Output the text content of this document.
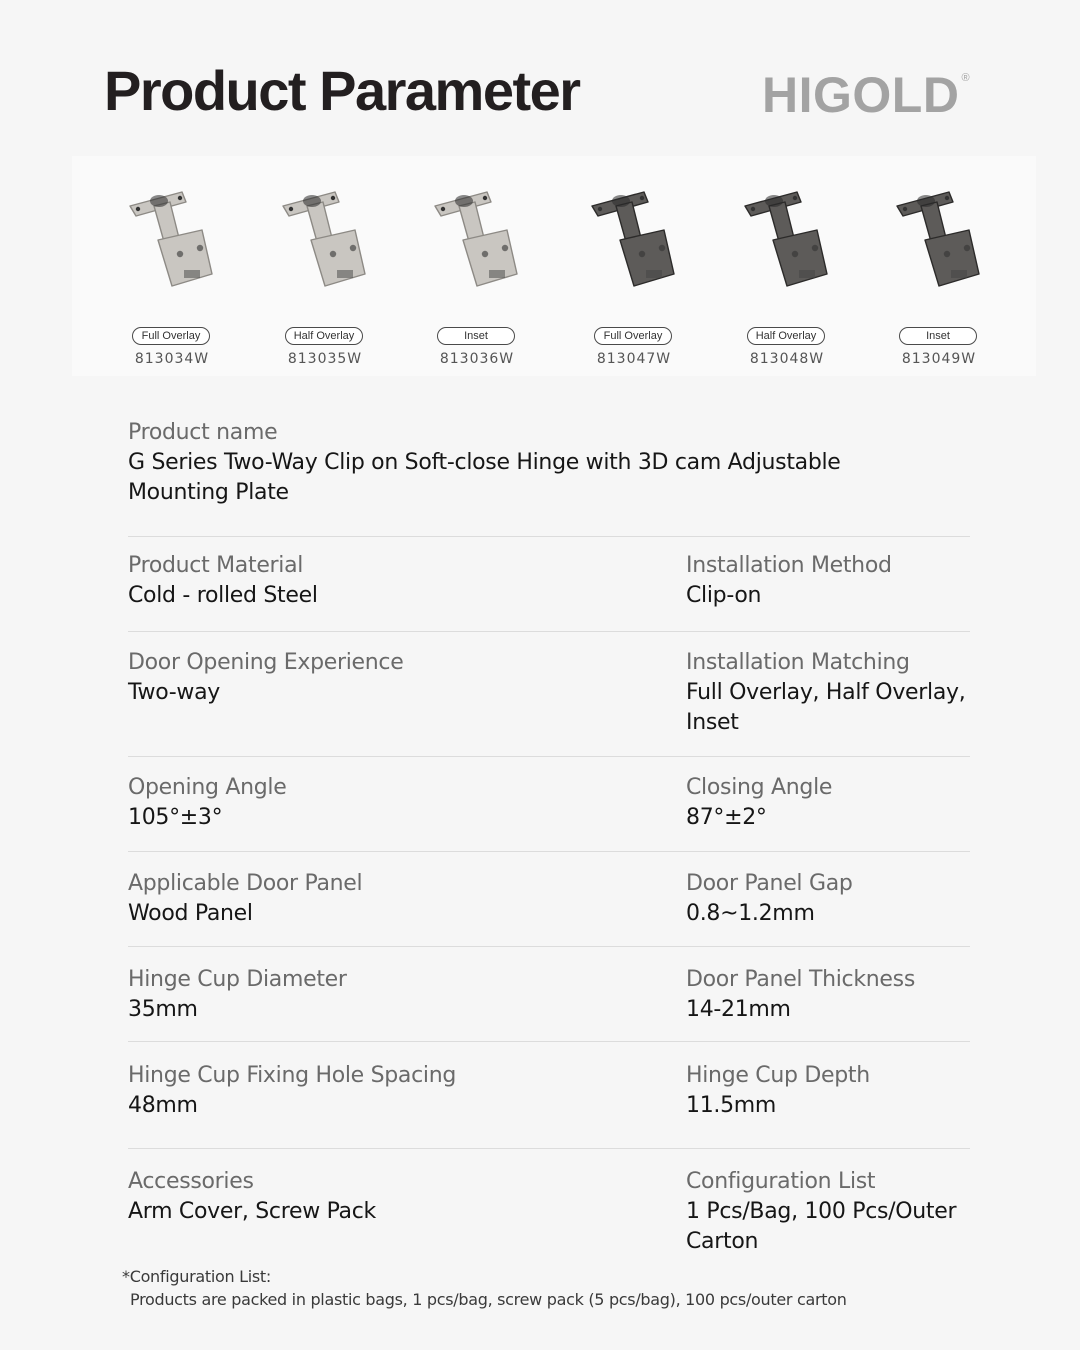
Product Parameter	HIGOLD ®
Full Overlay
813034W
Half Overlay
813035W
Inset
813036W
Full Overlay
813047W
Half Overlay
813048W
Inset
813049W
Product name
G Series Two-Way Clip on Soft-close Hinge with 3D cam Adjustable Mounting Plate
Product Material
Cold - rolled Steel
Installation Method
Clip-on
Door Opening Experience
Two-way
Installation Matching
Full Overlay, Half Overlay, Inset
Opening Angle
105°±3°
Closing Angle
87°±2°
Applicable Door Panel
Wood Panel
Door Panel Gap
0.8~1.2mm
Hinge Cup Diameter
35mm
Door Panel Thickness
14-21mm
Hinge Cup Fixing Hole Spacing
48mm
Hinge Cup Depth
11.5mm
Accessories
Arm Cover, Screw Pack
Configuration List
1 Pcs/Bag, 100 Pcs/Outer Carton
*Configuration List:
Products are packed in plastic bags, 1 pcs/bag, screw pack (5 pcs/bag), 100 pcs/outer carton
